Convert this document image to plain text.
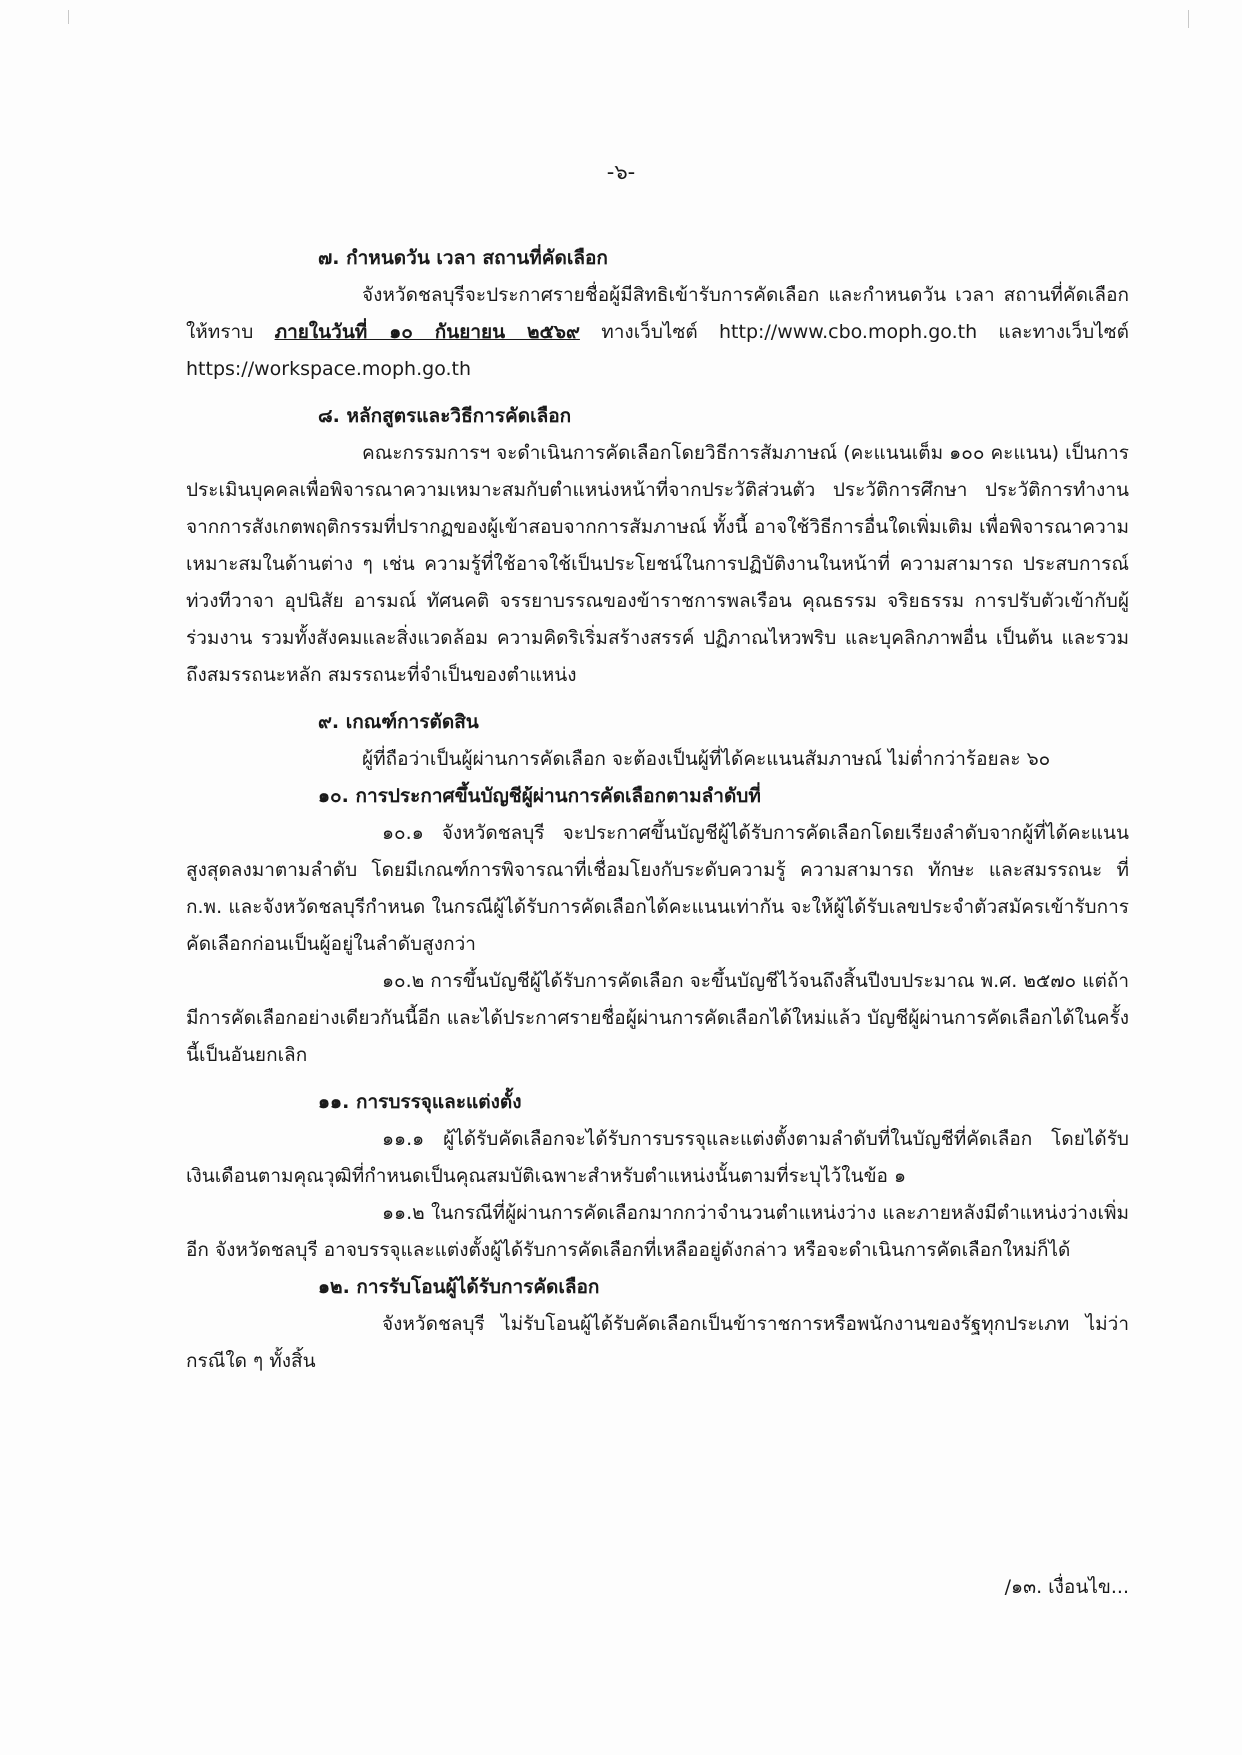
-๖-

๗. กำหนดวัน เวลา สถานที่คัดเลือก

จังหวัดชลบุรีจะประกาศรายชื่อผู้มีสิทธิเข้ารับการคัดเลือก และกำหนดวัน เวลา สถานที่คัดเลือกให้ทราบ ภายในวันที่ ๑๐ กันยายน ๒๕๖๙ ทางเว็บไซต์ http://www.cbo.moph.go.th และทางเว็บไซต์ https://workspace.moph.go.th

๘. หลักสูตรและวิธีการคัดเลือก

คณะกรรมการฯ จะดำเนินการคัดเลือกโดยวิธีการสัมภาษณ์ (คะแนนเต็ม ๑๐๐ คะแนน) เป็นการประเมินบุคคลเพื่อพิจารณาความเหมาะสมกับตำแหน่งหน้าที่จากประวัติส่วนตัว ประวัติการศึกษา ประวัติการทำงาน จากการสังเกตพฤติกรรมที่ปรากฏของผู้เข้าสอบจากการสัมภาษณ์ ทั้งนี้ อาจใช้วิธีการอื่นใดเพิ่มเติม เพื่อพิจารณาความเหมาะสมในด้านต่าง ๆ เช่น ความรู้ที่ใช้อาจใช้เป็นประโยชน์ในการปฏิบัติงานในหน้าที่ ความสามารถ ประสบการณ์ ท่วงทีวาจา อุปนิสัย อารมณ์ ทัศนคติ จรรยาบรรณของข้าราชการพลเรือน คุณธรรม จริยธรรม การปรับตัวเข้ากับผู้ร่วมงาน รวมทั้งสังคมและสิ่งแวดล้อม ความคิดริเริ่มสร้างสรรค์ ปฏิภาณไหวพริบ และบุคลิกภาพอื่น เป็นต้น และรวมถึงสมรรถนะหลัก สมรรถนะที่จำเป็นของตำแหน่ง

๙. เกณฑ์การตัดสิน

ผู้ที่ถือว่าเป็นผู้ผ่านการคัดเลือก จะต้องเป็นผู้ที่ได้คะแนนสัมภาษณ์ ไม่ต่ำกว่าร้อยละ ๖๐

๑๐. การประกาศขึ้นบัญชีผู้ผ่านการคัดเลือกตามลำดับที่

๑๐.๑ จังหวัดชลบุรี จะประกาศขึ้นบัญชีผู้ได้รับการคัดเลือกโดยเรียงลำดับจากผู้ที่ได้คะแนนสูงสุดลงมาตามลำดับ โดยมีเกณฑ์การพิจารณาที่เชื่อมโยงกับระดับความรู้ ความสามารถ ทักษะ และสมรรถนะ ที่ ก.พ. และจังหวัดชลบุรีกำหนด ในกรณีผู้ได้รับการคัดเลือกได้คะแนนเท่ากัน จะให้ผู้ได้รับเลขประจำตัวสมัครเข้ารับการคัดเลือกก่อนเป็นผู้อยู่ในลำดับสูงกว่า

๑๐.๒ การขึ้นบัญชีผู้ได้รับการคัดเลือก จะขึ้นบัญชีไว้จนถึงสิ้นปีงบประมาณ พ.ศ. ๒๕๗๐ แต่ถ้ามีการคัดเลือกอย่างเดียวกันนี้อีก และได้ประกาศรายชื่อผู้ผ่านการคัดเลือกได้ใหม่แล้ว บัญชีผู้ผ่านการคัดเลือกได้ในครั้งนี้เป็นอันยกเลิก

๑๑. การบรรจุและแต่งตั้ง

๑๑.๑ ผู้ได้รับคัดเลือกจะได้รับการบรรจุและแต่งตั้งตามลำดับที่ในบัญชีที่คัดเลือก โดยได้รับเงินเดือนตามคุณวุฒิที่กำหนดเป็นคุณสมบัติเฉพาะสำหรับตำแหน่งนั้นตามที่ระบุไว้ในข้อ ๑

๑๑.๒ ในกรณีที่ผู้ผ่านการคัดเลือกมากกว่าจำนวนตำแหน่งว่าง และภายหลังมีตำแหน่งว่างเพิ่มอีก จังหวัดชลบุรี อาจบรรจุและแต่งตั้งผู้ได้รับการคัดเลือกที่เหลืออยู่ดังกล่าว หรือจะดำเนินการคัดเลือกใหม่ก็ได้

๑๒. การรับโอนผู้ได้รับการคัดเลือก

จังหวัดชลบุรี ไม่รับโอนผู้ได้รับคัดเลือกเป็นข้าราชการหรือพนักงานของรัฐทุกประเภท ไม่ว่ากรณีใด ๆ ทั้งสิ้น

/๑๓. เงื่อนไข...
